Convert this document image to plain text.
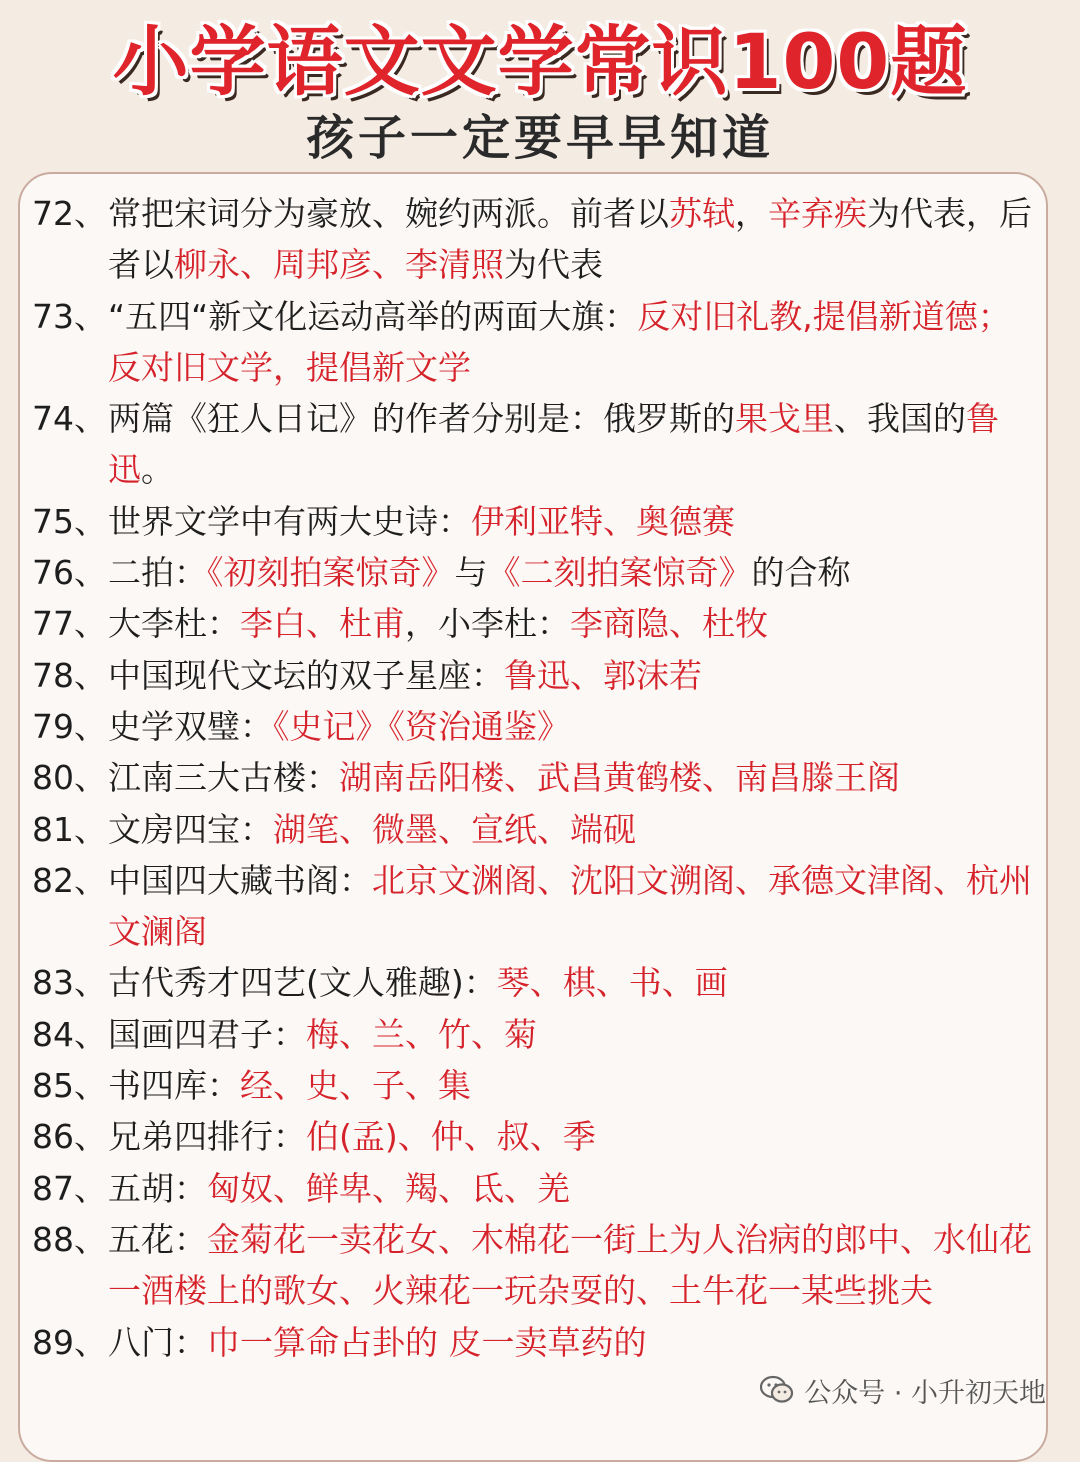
小学语文文学常识100题
孩子一定要早早知道
72、 常把宋词分为豪放、婉约两派。前者以苏轼，辛弃疾为代表，后者以柳永、周邦彦、李清照为代表
73、 “五四“新文化运动高举的两面大旗：反对旧礼教,提倡新道德；反对旧文学，提倡新文学
74、 两篇《狂人日记》的作者分别是：俄罗斯的果戈里、我国的鲁迅。
75、 世界文学中有两大史诗：伊利亚特、奥德赛
76、 二拍：《初刻拍案惊奇》与《二刻拍案惊奇》的合称
77、 大李杜：李白、杜甫，小李杜：李商隐、杜牧
78、 中国现代文坛的双子星座：鲁迅、郭沫若
79、 史学双璧：《史记》《资治通鉴》
80、 江南三大古楼：湖南岳阳楼、武昌黄鹤楼、南昌滕王阁
81、 文房四宝：湖笔、微墨、宣纸、端砚
82、 中国四大藏书阁：北京文渊阁、沈阳文溯阁、承德文津阁、杭州文澜阁
83、 古代秀才四艺(文人雅趣)：琴、棋、书、画
84、 国画四君子：梅、兰、竹、菊
85、 书四库：经、史、子、集
86、 兄弟四排行：伯(孟)、仲、叔、季
87、 五胡：匈奴、鲜卑、羯、氐、羌
88、 五花：金菊花一卖花女、木棉花一街上为人治病的郎中、水仙花一酒楼上的歌女、火辣花一玩杂耍的、土牛花一某些挑夫
89、 八门：巾一算命占卦的 皮一卖草药的
公众号 · 小升初天地
